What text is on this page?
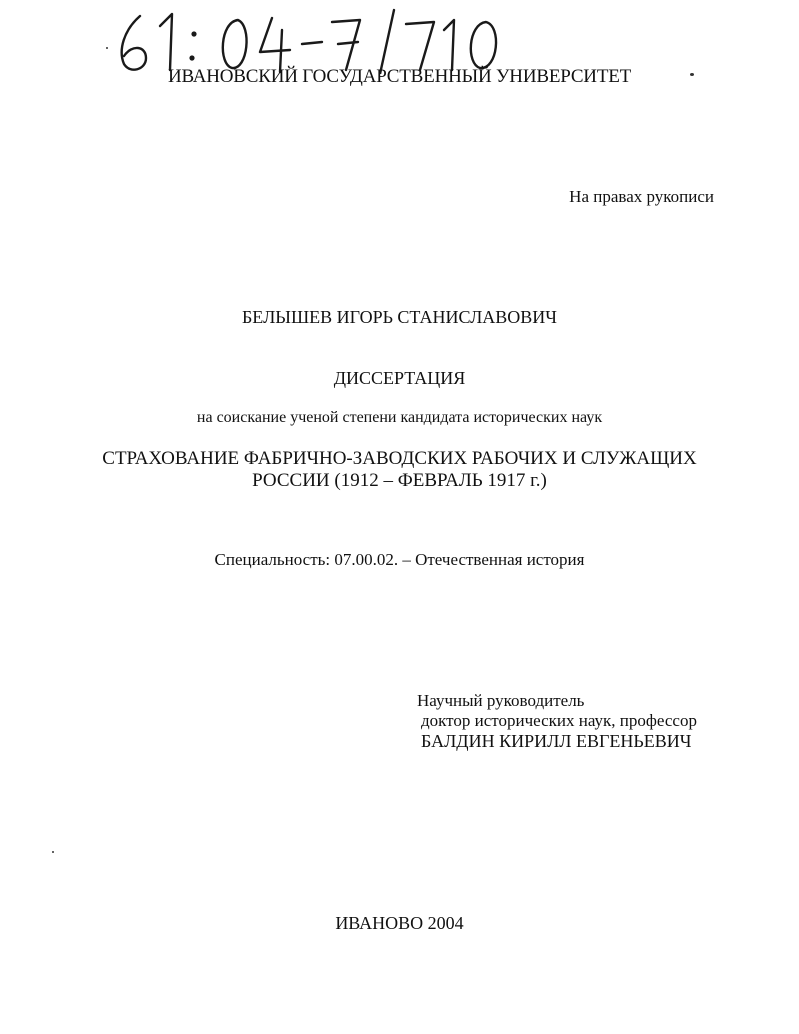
ИВАНОВСКИЙ ГОСУДАРСТВЕННЫЙ УНИВЕРСИТЕТ
На правах рукописи
БЕЛЫШЕВ ИГОРЬ СТАНИСЛАВОВИЧ
ДИССЕРТАЦИЯ
на соискание ученой степени кандидата исторических наук
СТРАХОВАНИЕ ФАБРИЧНО-ЗАВОДСКИХ РАБОЧИХ И СЛУЖАЩИХ
РОССИИ (1912 – ФЕВРАЛЬ 1917 г.)
Специальность: 07.00.02. – Отечественная история
Научный руководитель
доктор исторических наук, профессор
БАЛДИН КИРИЛЛ ЕВГЕНЬЕВИЧ
ИВАНОВО 2004
